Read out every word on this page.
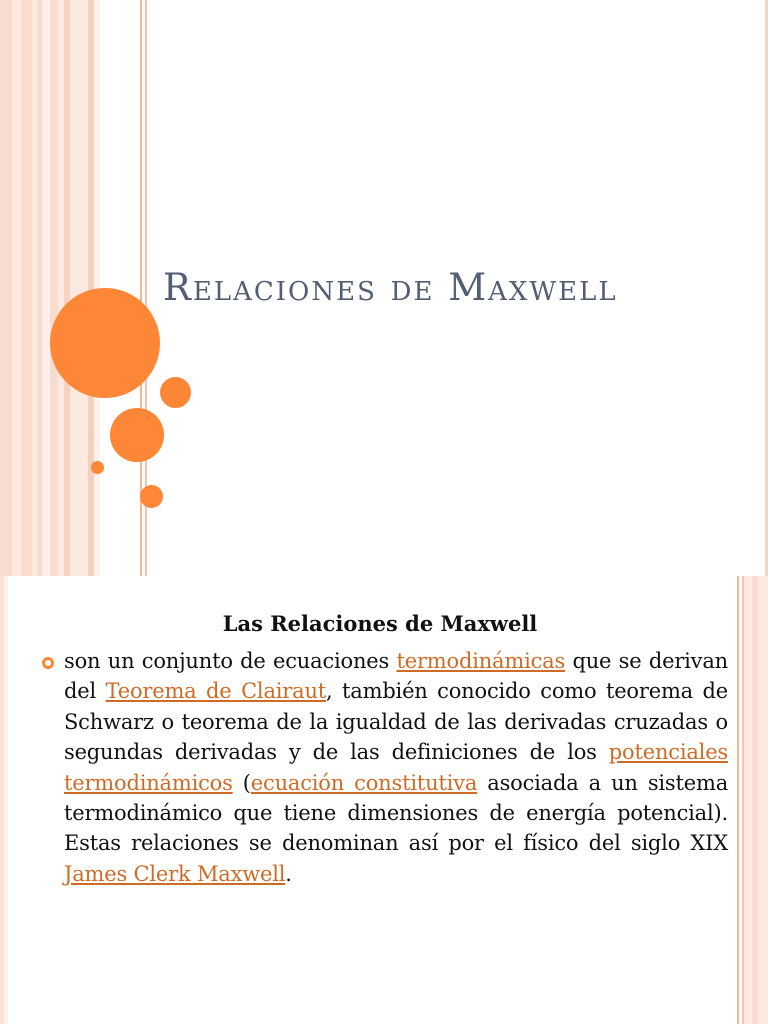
Relaciones de Maxwell
Las Relaciones de Maxwell

son un conjunto de ecuaciones termodinámicas que se derivan del Teorema de Clairaut, también conocido como teorema de Schwarz o teorema de la igualdad de las derivadas cruzadas o segundas derivadas y de las definiciones de los potenciales termodinámicos (ecuación constitutiva asociada a un sistema termodinámico que tiene dimensiones de energía potencial). Estas relaciones se denominan así por el físico del siglo XIX James Clerk Maxwell.
